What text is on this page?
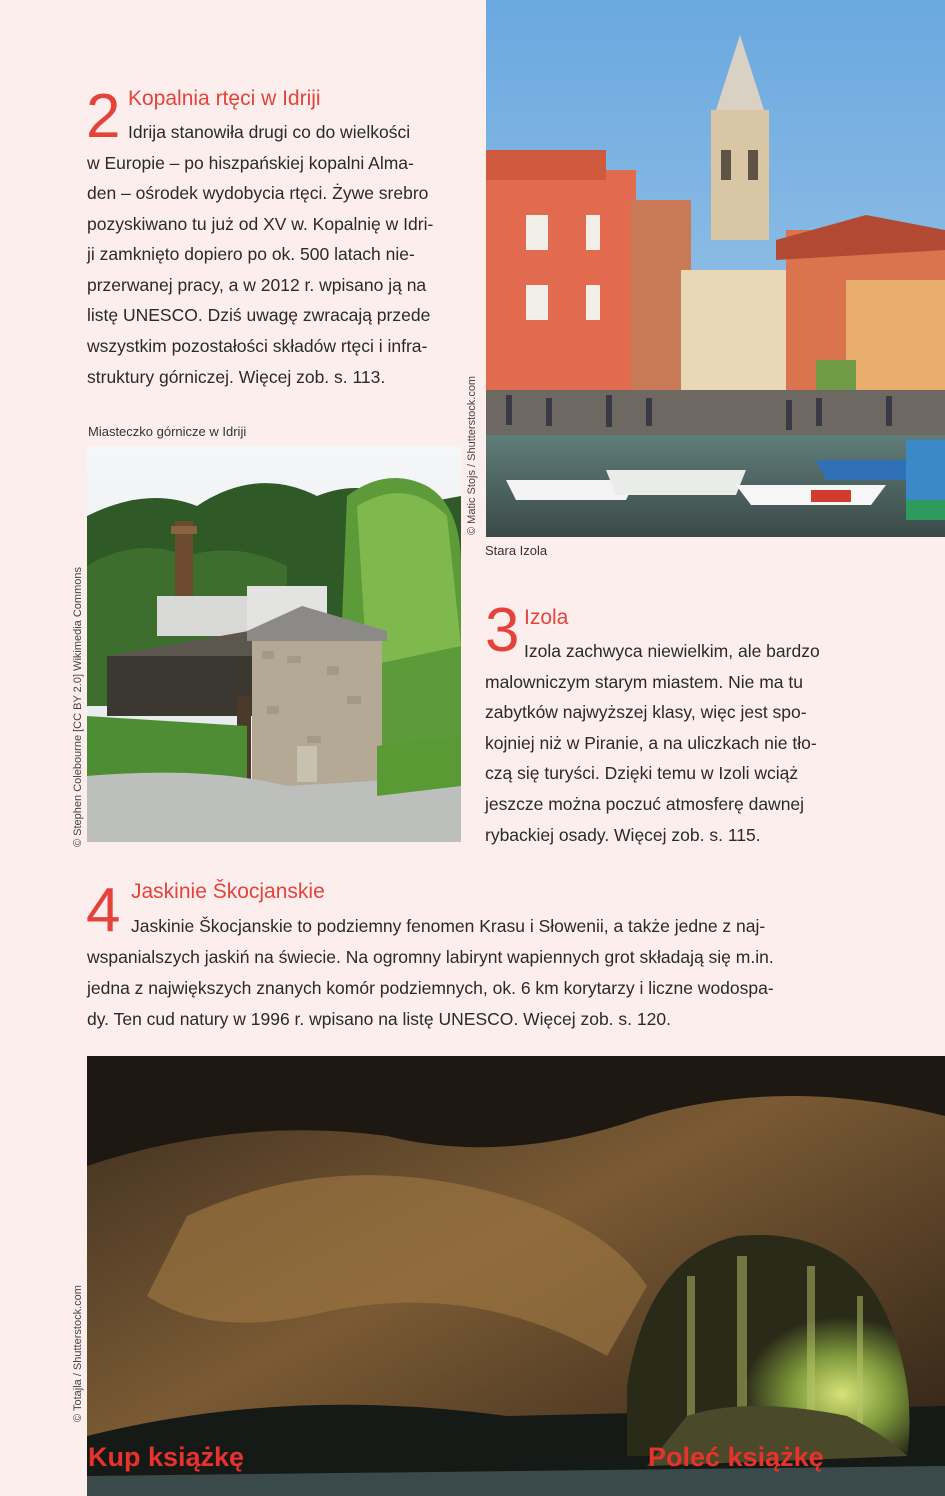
2 Kopalnia rtęci w Idriji
Idrija stanowiła drugi co do wielkości
w Europie – po hiszpańskiej kopalni Alma-
den – ośrodek wydobycia rtęci. Żywe srebro
pozyskiwano tu już od XV w. Kopalnię w Idri-
ji zamknięto dopiero po ok. 500 latach nie-
przerwanej pracy, a w 2012 r. wpisano ją na
listę UNESCO. Dziś uwagę zwracają przede
wszystkim pozostałości składów rtęci i infra-
struktury górniczej. Więcej zob. s. 113.
Miasteczko górnicze w Idriji
© Stephen Colebourne [CC BY 2.0] Wikimedia Commons
© Matic Stojs / Shutterstock.com
Stara Izola
3 Izola
Izola zachwyca niewielkim, ale bardzo
malowniczym starym miastem. Nie ma tu
zabytków najwyższej klasy, więc jest spo-
kojniej niż w Piranie, a na uliczkach nie tło-
czą się turyści. Dzięki temu w Izoli wciąż
jeszcze można poczuć atmosferę dawnej
rybackiej osady. Więcej zob. s. 115.
4 Jaskinie Škocjanskie
Jaskinie Škocjanskie to podziemny fenomen Krasu i Słowenii, a także jedne z naj-
wspanialszych jaskiń na świecie. Na ogromny labirynt wapiennych grot składają się m.in.
jedna z największych znanych komór podziemnych, ok. 6 km korytarzy i liczne wodospa-
dy. Ten cud natury w 1996 r. wpisano na listę UNESCO. Więcej zob. s. 120.
© Totajla / Shutterstock.com
Kup książkę	Poleć książkę
